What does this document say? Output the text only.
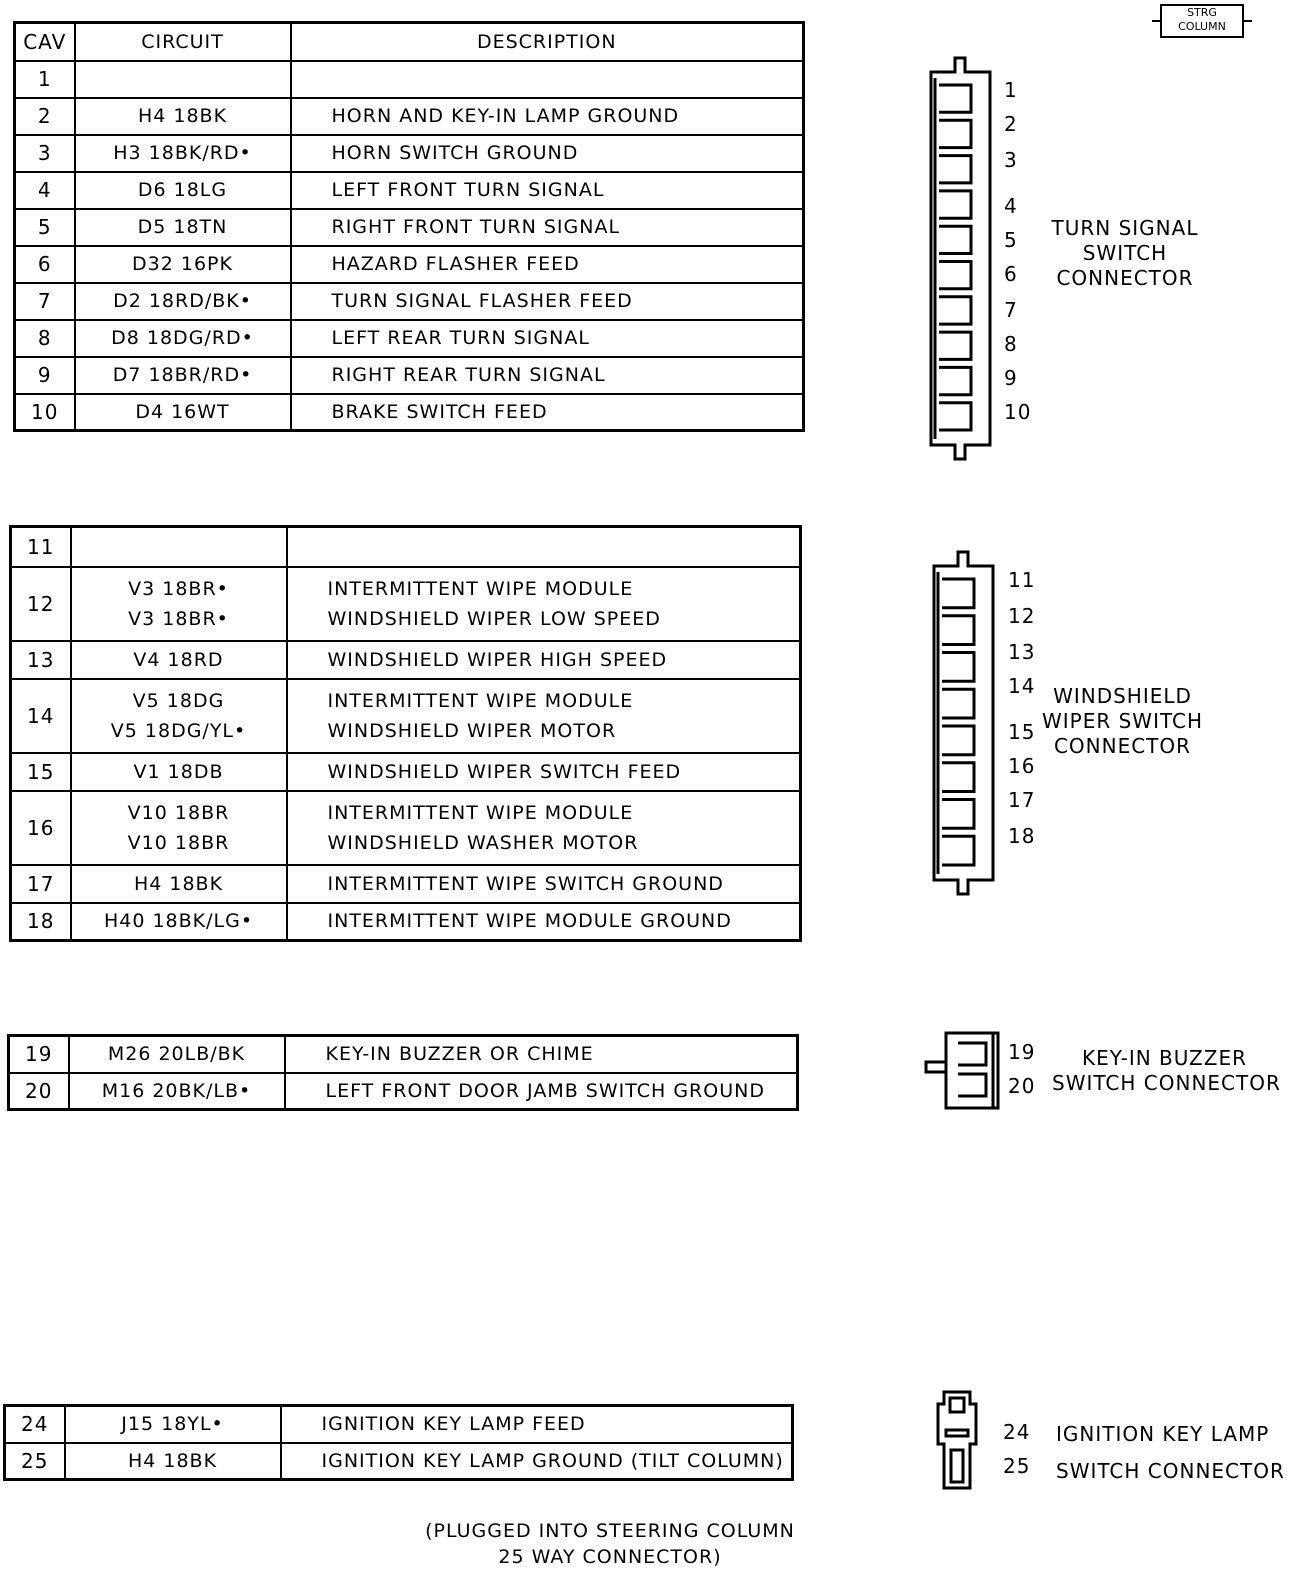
STRG
COLUMN
CAV	CIRCUIT	DESCRIPTION
1	

2	H4 18BK	HORN AND KEY-IN LAMP GROUND

3	H3 18BK/RD•	HORN SWITCH GROUND

4	D6 18LG	LEFT FRONT TURN SIGNAL

5	D5 18TN	RIGHT FRONT TURN SIGNAL

6	D32 16PK	HAZARD FLASHER FEED

7	D2 18RD/BK•	TURN SIGNAL FLASHER FEED

8	D8 18DG/RD•	LEFT REAR TURN SIGNAL

9	D7 18BR/RD•	RIGHT REAR TURN SIGNAL

10	D4 16WT	BRAKE SWITCH FEED
11	

12	V3 18BR•
V3 18BR•	INTERMITTENT WIPE MODULE
WINDSHIELD WIPER LOW SPEED

13	V4 18RD	WINDSHIELD WIPER HIGH SPEED

14	V5 18DG
V5 18DG/YL•	INTERMITTENT WIPE MODULE
WINDSHIELD WIPER MOTOR

15	V1 18DB	WINDSHIELD WIPER SWITCH FEED

16	V10 18BR
V10 18BR	INTERMITTENT WIPE MODULE
WINDSHIELD WASHER MOTOR

17	H4 18BK	INTERMITTENT WIPE SWITCH GROUND

18	H40 18BK/LG•	INTERMITTENT WIPE MODULE GROUND
19	M26 20LB/BK	KEY-IN BUZZER OR CHIME

20	M16 20BK/LB•	LEFT FRONT DOOR JAMB SWITCH GROUND
24	J15 18YL•	IGNITION KEY LAMP FEED

25	H4 18BK	IGNITION KEY LAMP GROUND (TILT COLUMN)
1
2
3
4
5
6
7
8
9
10
11
12
13
14
15
16
17
18
19
20
24
25
TURN SIGNAL
SWITCH
CONNECTOR
WINDSHIELD
WIPER SWITCH
CONNECTOR
KEY-IN BUZZER
SWITCH CONNECTOR
IGNITION KEY LAMP
SWITCH CONNECTOR
(PLUGGED INTO STEERING COLUMN
25 WAY CONNECTOR)
